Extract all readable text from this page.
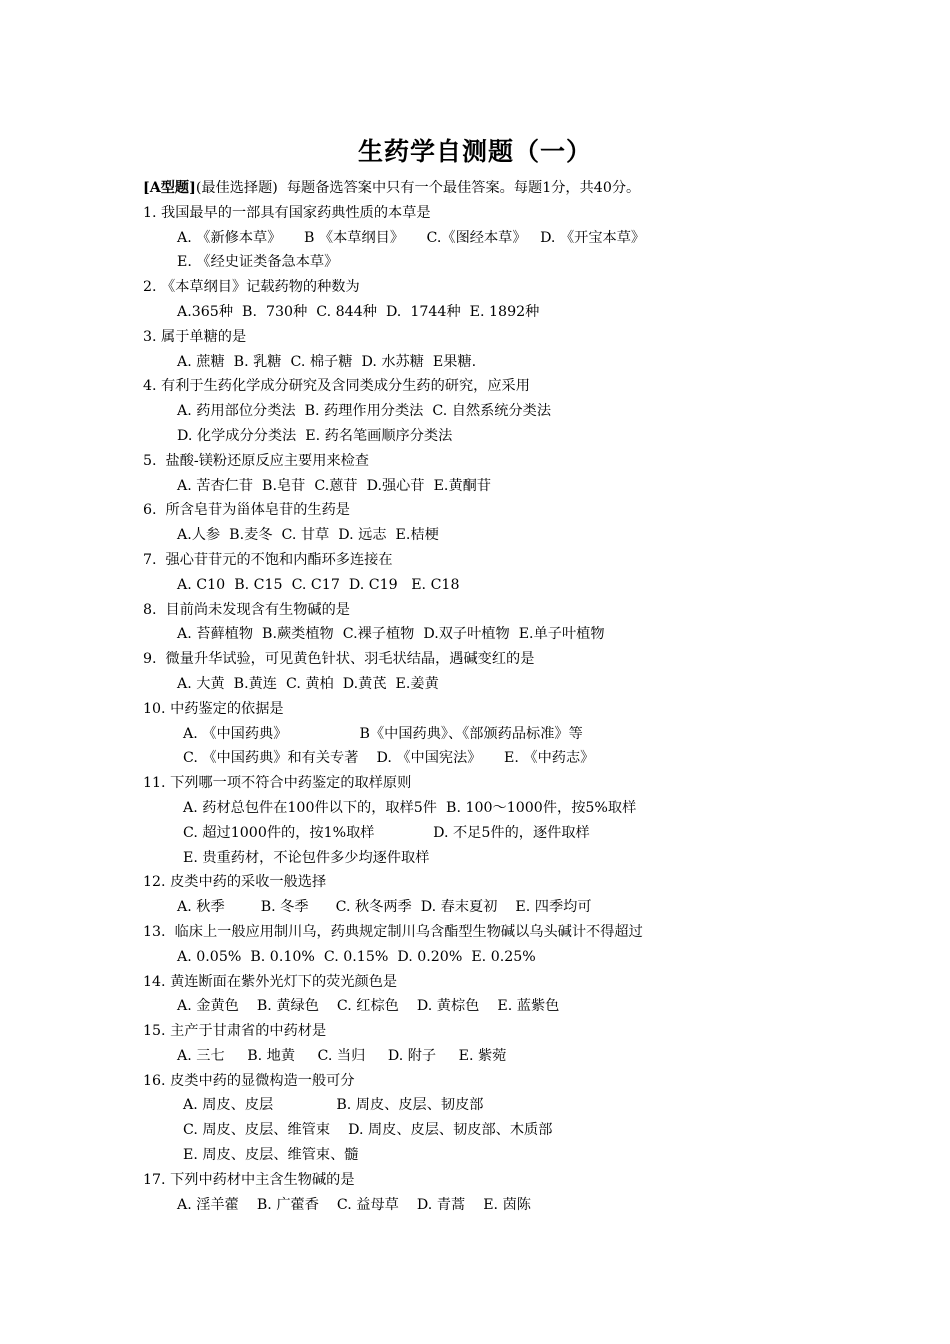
生药学自测题（一）
[A型题](最佳选择题)  每题备选答案中只有一个最佳答案。每题1分，共40分。
1. 我国最早的一部具有国家药典性质的本草是
A. 《新修本草》     B 《本草纲目》     C.《图经本草》   D. 《开宝本草》
E. 《经史证类备急本草》
2. 《本草纲目》记载药物的种数为
A.365种  B.  730种  C. 844种  D.  1744种  E. 1892种
3. 属于单糖的是
A. 蔗糖  B. 乳糖  C. 棉子糖  D. 水苏糖  E果糖.
4. 有利于生药化学成分研究及含同类成分生药的研究，应采用
A. 药用部位分类法  B. 药理作用分类法  C. 自然系统分类法
D. 化学成分分类法  E. 药名笔画顺序分类法
5.  盐酸-镁粉还原反应主要用来检查
A. 苦杏仁苷  B.皂苷  C.蒽苷  D.强心苷  E.黄酮苷
6.  所含皂苷为甾体皂苷的生药是
A.人参  B.麦冬  C. 甘草  D. 远志  E.桔梗
7.  强心苷苷元的不饱和内酯环多连接在
A. C10  B. C15  C. C17  D. C19   E. C18
8.  目前尚未发现含有生物碱的是
A. 苔藓植物  B.蕨类植物  C.裸子植物  D.双子叶植物  E.单子叶植物
9.  微量升华试验，可见黄色针状、羽毛状结晶，遇碱变红的是
A. 大黄  B.黄连  C. 黄柏  D.黄芪  E.姜黄
10. 中药鉴定的依据是
A. 《中国药典》                B《中国药典》、《部颁药品标准》等
C. 《中国药典》和有关专著    D. 《中国宪法》     E. 《中药志》
11. 下列哪一项不符合中药鉴定的取样原则
A. 药材总包件在100件以下的，取样5件  B. 100～1000件，按5%取样
C. 超过1000件的，按1%取样             D. 不足5件的，逐件取样
E. 贵重药材，不论包件多少均逐件取样
12. 皮类中药的采收一般选择
A. 秋季        B. 冬季      C. 秋冬两季  D. 春末夏初    E. 四季均可
13.  临床上一般应用制川乌，药典规定制川乌含酯型生物碱以乌头碱计不得超过
A. 0.05%  B. 0.10%  C. 0.15%  D. 0.20%  E. 0.25%
14. 黄连断面在紫外光灯下的荧光颜色是
A. 金黄色    B. 黄绿色    C. 红棕色    D. 黄棕色    E. 蓝紫色
15. 主产于甘肃省的中药材是
A. 三七     B. 地黄     C. 当归     D. 附子     E. 紫菀
16. 皮类中药的显微构造一般可分
A. 周皮、皮层              B. 周皮、皮层、韧皮部
C. 周皮、皮层、维管束    D. 周皮、皮层、韧皮部、木质部
E. 周皮、皮层、维管束、髓
17. 下列中药材中主含生物碱的是
A. 淫羊藿    B. 广藿香    C. 益母草    D. 青蒿    E. 茵陈
